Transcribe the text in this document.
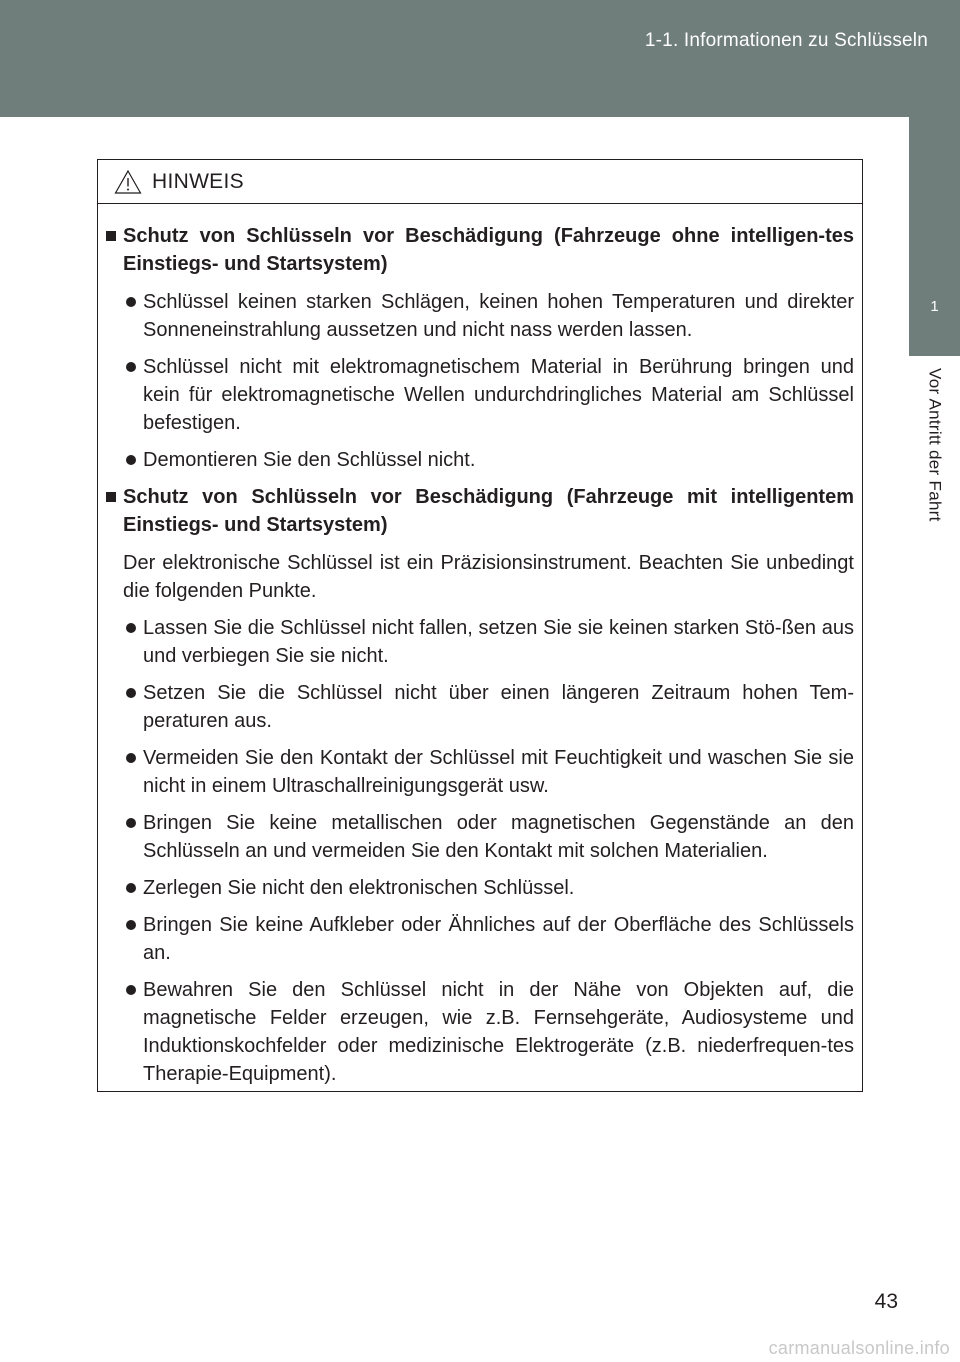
1-1. Informationen zu Schlüsseln
1
Vor Antritt der Fahrt
HINWEIS
Schutz von Schlüsseln vor Beschädigung (Fahrzeuge ohne intelligen-tes Einstiegs- und Startsystem)
Schlüssel keinen starken Schlägen, keinen hohen Temperaturen und direkter Sonneneinstrahlung aussetzen und nicht nass werden lassen.
Schlüssel nicht mit elektromagnetischem Material in Berührung bringen und kein für elektromagnetische Wellen undurchdringliches Material am Schlüssel befestigen.
Demontieren Sie den Schlüssel nicht.
Schutz von Schlüsseln vor Beschädigung (Fahrzeuge mit intelligentem Einstiegs- und Startsystem)
Der elektronische Schlüssel ist ein Präzisionsinstrument. Beachten Sie unbedingt die folgenden Punkte.
Lassen Sie die Schlüssel nicht fallen, setzen Sie sie keinen starken Stö-ßen aus und verbiegen Sie sie nicht.
Setzen Sie die Schlüssel nicht über einen längeren Zeitraum hohen Tem-peraturen aus.
Vermeiden Sie den Kontakt der Schlüssel mit Feuchtigkeit und waschen Sie sie nicht in einem Ultraschallreinigungsgerät usw.
Bringen Sie keine metallischen oder magnetischen Gegenstände an den Schlüsseln an und vermeiden Sie den Kontakt mit solchen Materialien.
Zerlegen Sie nicht den elektronischen Schlüssel.
Bringen Sie keine Aufkleber oder Ähnliches auf der Oberfläche des Schlüssels an.
Bewahren Sie den Schlüssel nicht in der Nähe von Objekten auf, die magnetische Felder erzeugen, wie z.B. Fernsehgeräte, Audiosysteme und Induktionskochfelder oder medizinische Elektrogeräte (z.B. niederfrequen-tes Therapie-Equipment).
43
carmanualsonline.info
